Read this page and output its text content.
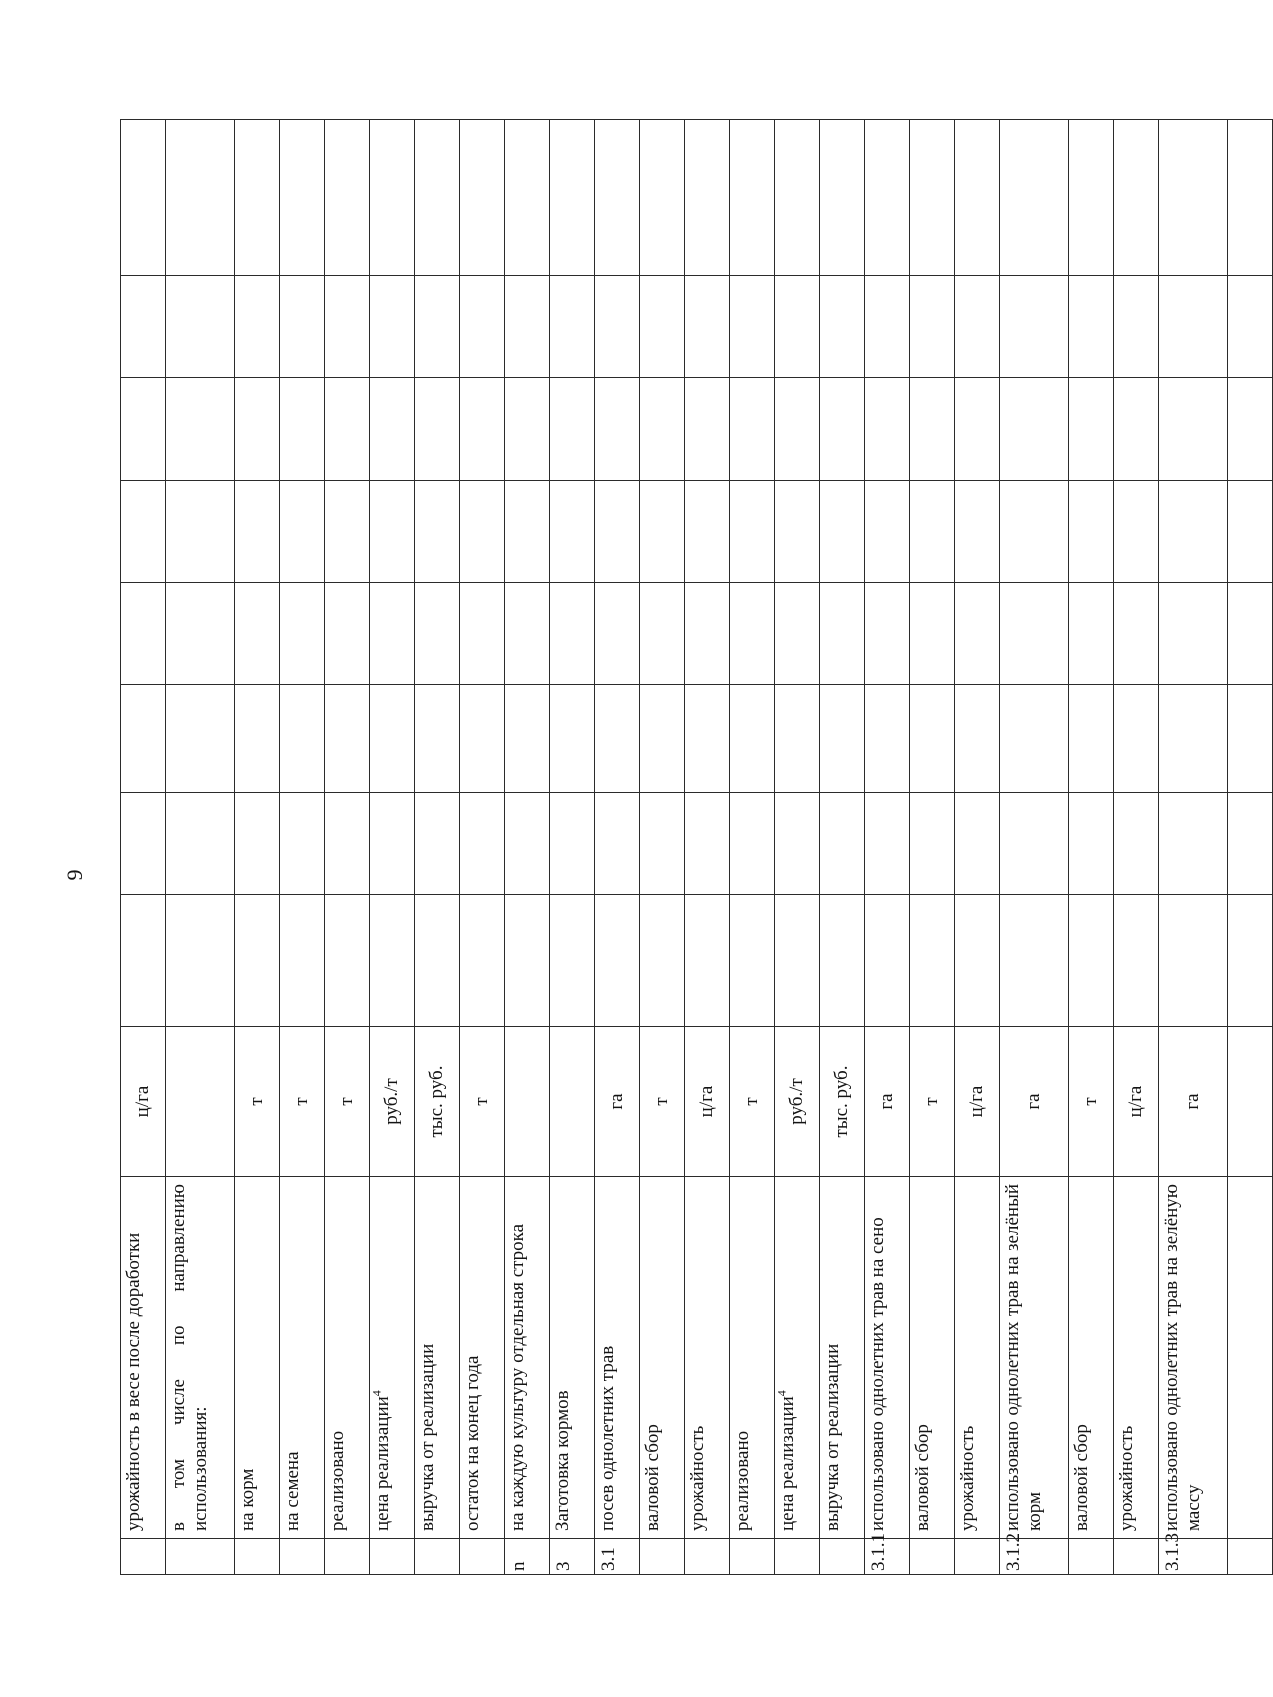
9
	урожайность в весе после доработки	ц/га								

	в том числе по направлению использования:									
	на корм	т								
	на семена	т								
	реализовано	т								
	цена реализации$^4$	руб./т								
	выручка от реализации	тыс. руб.								
	остаток на конец года	т								
n	на каждую культуру отдельная строка									
3	Заготовка кормов									
3.1	посев однолетних трав	га								
	валовой сбор	т								
	урожайность	ц/га								
	реализовано	т								
	цена реализации$^4$	руб./т								
	выручка от реализации	тыс. руб.								
3.1.1	использовано однолетних трав на сено	га								
	валовой сбор	т								
	урожайность	ц/га								
3.1.2	использовано однолетних трав на зелёный корм	га								
	валовой сбор	т								
	урожайность	ц/га								
3.1.3	использовано однолетних трав на зелёную массу	га								
